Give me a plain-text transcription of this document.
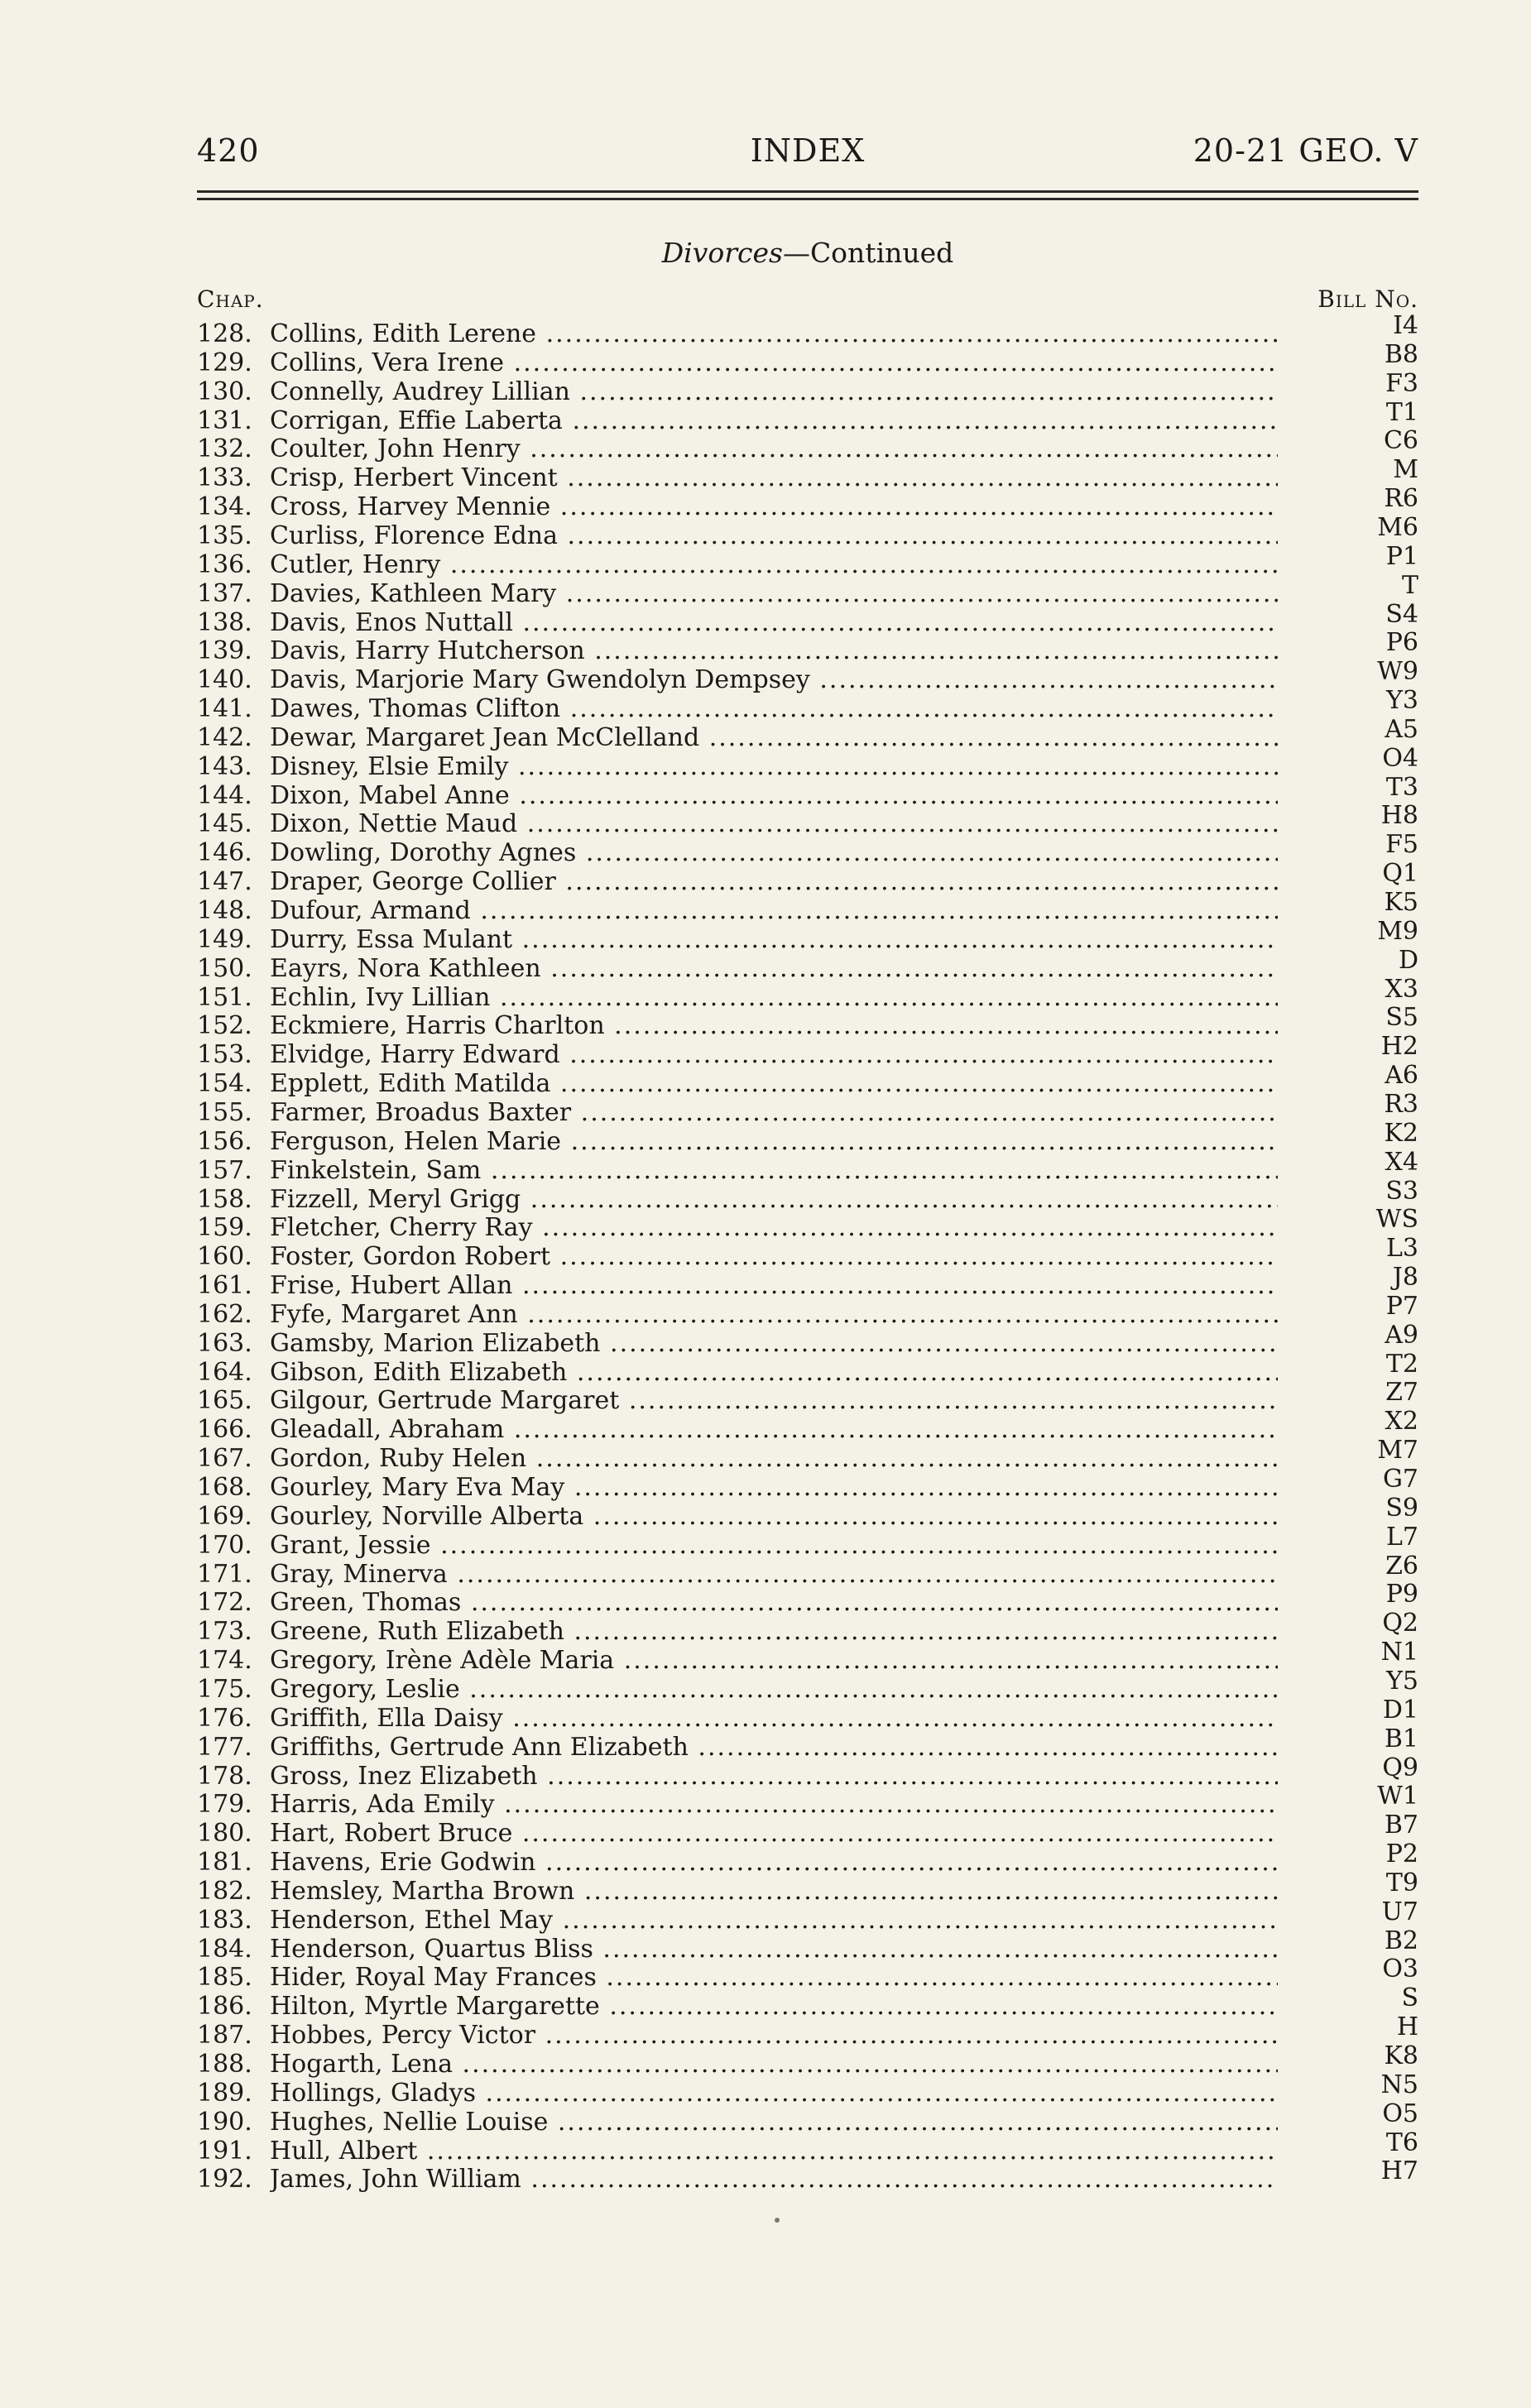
420	INDEX	20-21 GEO. V
Divorces—Continued
Chap.	Bill No.
128. Collins, Edith Lerene .....	I4
129. Collins, Vera Irene .....	B8
130. Connelly, Audrey Lillian .....	F3
131. Corrigan, Effie Laberta .....	T1
132. Coulter, John Henry .....	C6
133. Crisp, Herbert Vincent .....	M
134. Cross, Harvey Mennie .....	R6
135. Curliss, Florence Edna .....	M6
136. Cutler, Henry .....	P1
137. Davies, Kathleen Mary .....	T
138. Davis, Enos Nuttall .....	S4
139. Davis, Harry Hutcherson .....	P6
140. Davis, Marjorie Mary Gwendolyn Dempsey .....	W9
141. Dawes, Thomas Clifton .....	Y3
142. Dewar, Margaret Jean McClelland .....	A5
143. Disney, Elsie Emily .....	O4
144. Dixon, Mabel Anne .....	T3
145. Dixon, Nettie Maud .....	H8
146. Dowling, Dorothy Agnes .....	F5
147. Draper, George Collier .....	Q1
148. Dufour, Armand .....	K5
149. Durry, Essa Mulant .....	M9
150. Eayrs, Nora Kathleen .....	D
151. Echlin, Ivy Lillian .....	X3
152. Eckmiere, Harris Charlton .....	S5
153. Elvidge, Harry Edward .....	H2
154. Epplett, Edith Matilda .....	A6
155. Farmer, Broadus Baxter .....	R3
156. Ferguson, Helen Marie .....	K2
157. Finkelstein, Sam .....	X4
158. Fizzell, Meryl Grigg .....	S3
159. Fletcher, Cherry Ray .....	WS
160. Foster, Gordon Robert .....	L3
161. Frise, Hubert Allan .....	J8
162. Fyfe, Margaret Ann .....	P7
163. Gamsby, Marion Elizabeth .....	A9
164. Gibson, Edith Elizabeth .....	T2
165. Gilgour, Gertrude Margaret .....	Z7
166. Gleadall, Abraham .....	X2
167. Gordon, Ruby Helen .....	M7
168. Gourley, Mary Eva May .....	G7
169. Gourley, Norville Alberta .....	S9
170. Grant, Jessie .....	L7
171. Gray, Minerva .....	Z6
172. Green, Thomas .....	P9
173. Greene, Ruth Elizabeth .....	Q2
174. Gregory, Irène Adèle Maria .....	N1
175. Gregory, Leslie .....	Y5
176. Griffith, Ella Daisy .....	D1
177. Griffiths, Gertrude Ann Elizabeth .....	B1
178. Gross, Inez Elizabeth .....	Q9
179. Harris, Ada Emily .....	W1
180. Hart, Robert Bruce .....	B7
181. Havens, Erie Godwin .....	P2
182. Hemsley, Martha Brown .....	T9
183. Henderson, Ethel May .....	U7
184. Henderson, Quartus Bliss .....	B2
185. Hider, Royal May Frances .....	O3
186. Hilton, Myrtle Margarette .....	S
187. Hobbes, Percy Victor .....	H
188. Hogarth, Lena .....	K8
189. Hollings, Gladys .....	N5
190. Hughes, Nellie Louise .....	O5
191. Hull, Albert .....	T6
192. James, John William .....	H7
